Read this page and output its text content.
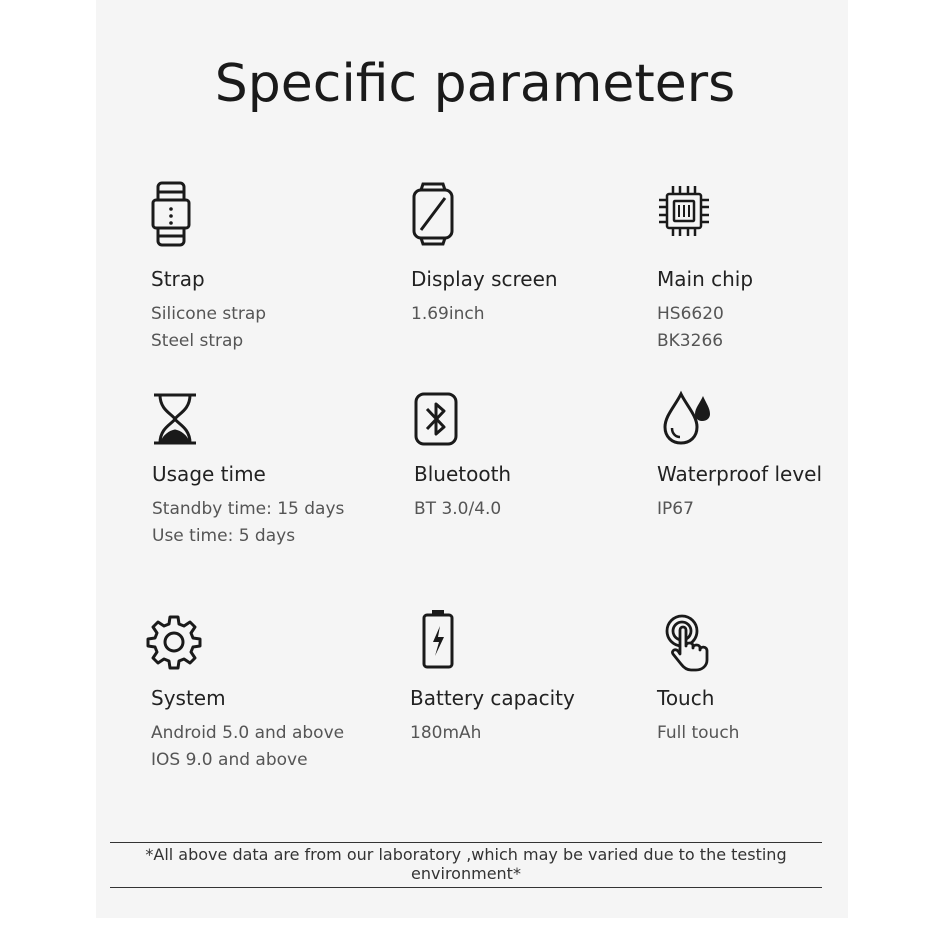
Specific parameters
Strap
Silicone strap
Steel strap
Display screen
1.69inch
Main chip
HS6620
BK3266
Usage time
Standby time: 15 days
Use time: 5 days
Bluetooth
BT 3.0/4.0
Waterproof level
IP67
System
Android 5.0 and above
IOS 9.0 and above
Battery capacity
180mAh
Touch
Full touch
*All above data are from our laboratory ,which may be varied due to the testing
environment*
